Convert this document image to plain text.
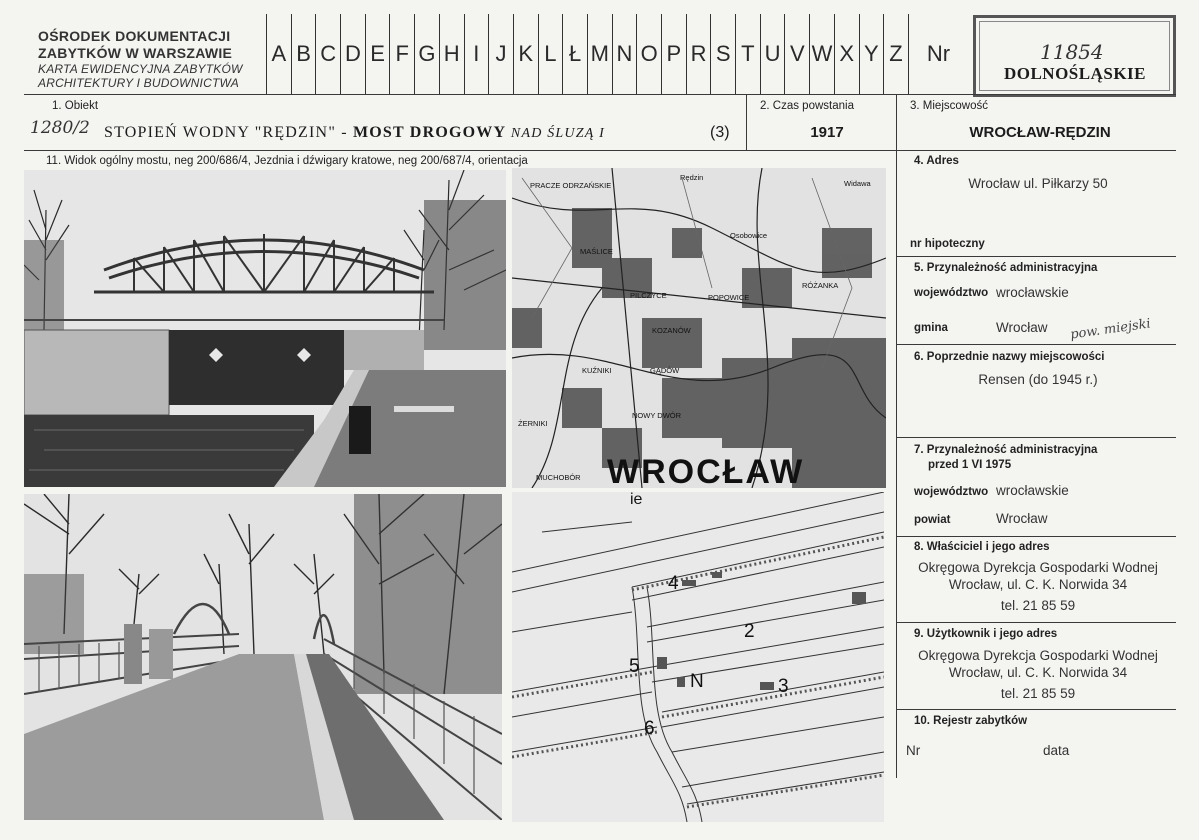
OŚRODEK DOKUMENTACJI
ZABYTKÓW W WARSZAWIE
KARTA EWIDENCYJNA ZABYTKÓW
ARCHITEKTURY I BUDOWNICTWA
A B C D E F G H I J K L Ł M N O P R S T U V W X Y Z Nr	11854
DOLNOŚLĄSKIE
1. Obiekt
1280/2 STOPIEŃ WODNY "RĘDZIN" - MOST DROGOWY NAD ŚLUZĄ I	(3)
2. Czas powstania
1917
3. Miejscowość
WROCŁAW-RĘDZIN
11. Widok ogólny mostu, neg 200/686/4, Jezdnia i dźwigary kratowe, neg 200/687/4, orientacja
PRACZE ODRZAŃSKIE
Rędzin
Widawa
Osobowice
MAŚLICE
PILCZYCE
KOZANÓW
POPOWICE
RÓŻANKA
KUŹNIKI	GĄDÓW
ŻERNIKI
NOWY DWÓR
MUCHOBÓR WROCŁAW
ie
4
2
5
N	3
6
4. Adres
Wrocław ul. Piłkarzy 50
nr hipoteczny
5. Przynależność administracyjna
województwo wrocławskie
gmina	Wrocław pow. miejski
6. Poprzednie nazwy miejscowości
Rensen (do 1945 r.)
7. Przynależność administracyjna
przed 1 VI 1975
województwo wrocławskie
powiat	Wrocław
8. Właściciel i jego adres
Okręgowa Dyrekcja Gospodarki Wodnej
Wrocław, ul. C. K. Norwida 34
tel. 21 85 59
9. Użytkownik i jego adres
Okręgowa Dyrekcja Gospodarki Wodnej
Wrocław, ul. C. K. Norwida 34
tel. 21 85 59
10. Rejestr zabytków
Nr	data
